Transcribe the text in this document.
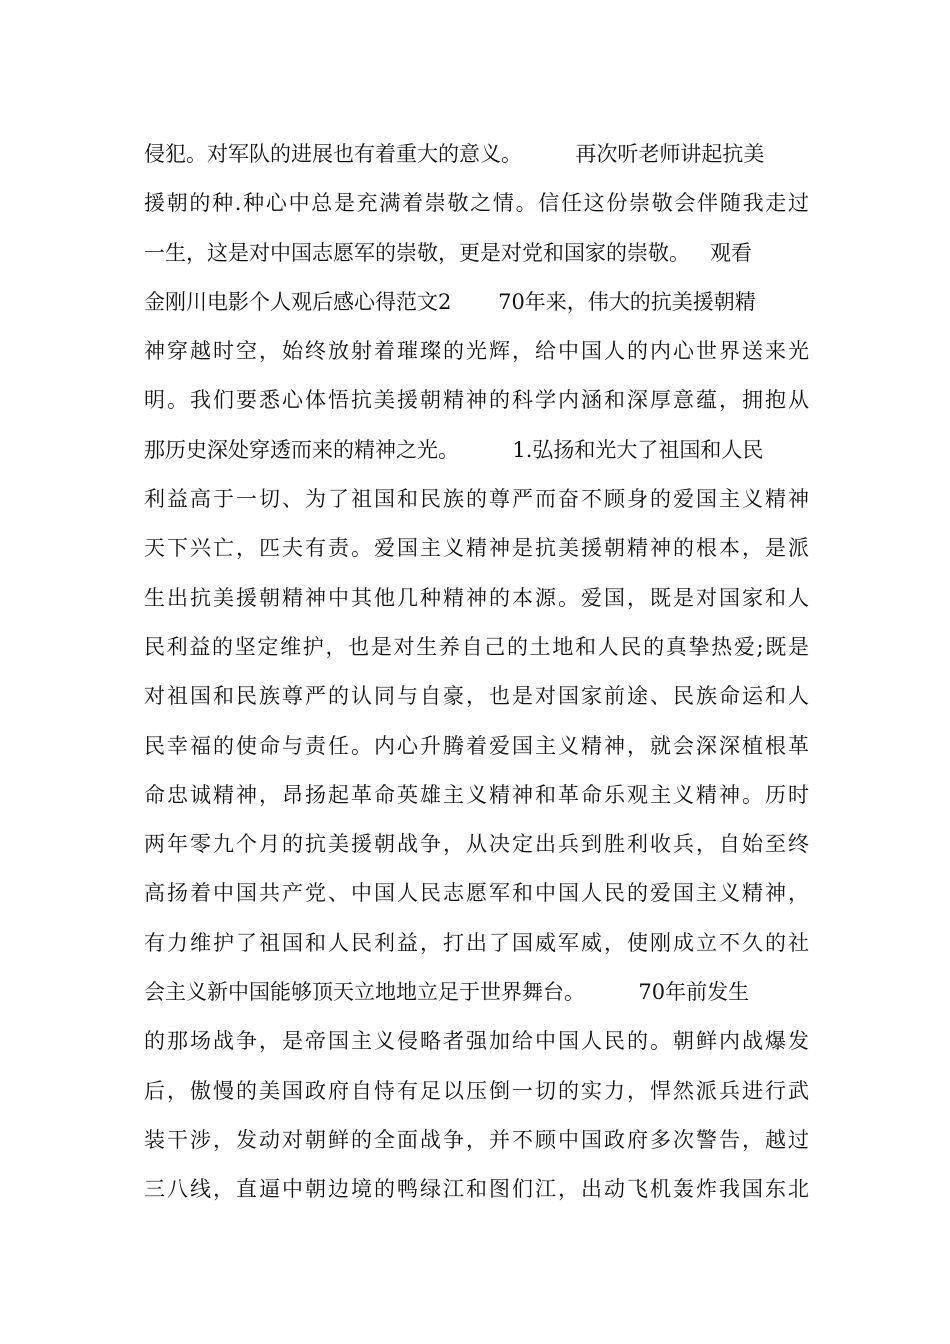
侵犯。对军队的进展也有着重大的意义。        再次听老师讲起抗美
援朝的种.种心中总是充满着崇敬之情。信任这份崇敬会伴随我走过
一生，这是对中国志愿军的崇敬，更是对党和国家的崇敬。   观看
金刚川电影个人观后感心得范文2       70年来，伟大的抗美援朝精
神穿越时空，始终放射着璀璨的光辉，给中国人的内心世界送来光
明。我们要悉心体悟抗美援朝精神的科学内涵和深厚意蕴，拥抱从
那历史深处穿透而来的精神之光。        1.弘扬和光大了祖国和人民
利益高于一切、为了祖国和民族的尊严而奋不顾身的爱国主义精神
天下兴亡，匹夫有责。爱国主义精神是抗美援朝精神的根本，是派
生出抗美援朝精神中其他几种精神的本源。爱国，既是对国家和人
民利益的坚定维护，也是对生养自己的土地和人民的真挚热爱;既是
对祖国和民族尊严的认同与自豪，也是对国家前途、民族命运和人
民幸福的使命与责任。内心升腾着爱国主义精神，就会深深植根革
命忠诚精神，昂扬起革命英雄主义精神和革命乐观主义精神。历时
两年零九个月的抗美援朝战争，从决定出兵到胜利收兵，自始至终
高扬着中国共产党、中国人民志愿军和中国人民的爱国主义精神，
有力维护了祖国和人民利益，打出了国威军威，使刚成立不久的社
会主义新中国能够顶天立地地立足于世界舞台。        70年前发生
的那场战争，是帝国主义侵略者强加给中国人民的。朝鲜内战爆发
后，傲慢的美国政府自恃有足以压倒一切的实力，悍然派兵进行武
装干涉，发动对朝鲜的全面战争，并不顾中国政府多次警告，越过
三八线，直逼中朝边境的鸭绿江和图们江，出动飞机轰炸我国东北
